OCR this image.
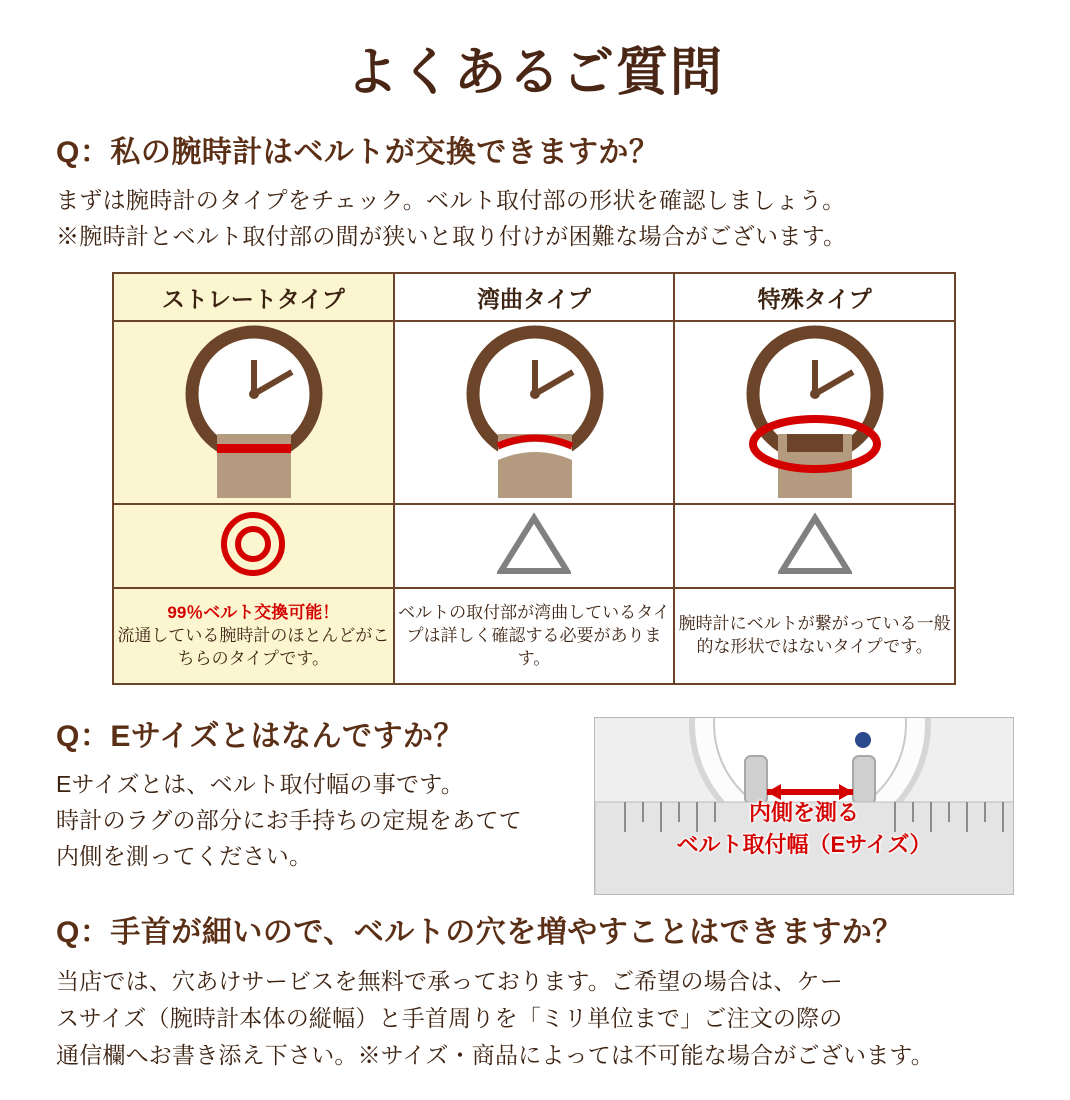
よくあるご質問
Q：私の腕時計はベルトが交換できますか？
まずは腕時計のタイプをチェック。ベルト取付部の形状を確認しましょう。
※腕時計とベルト取付部の間が狭いと取り付けが困難な場合がございます。
ストレートタイプ	湾曲タイプ	特殊タイプ

99％ベルト交換可能！
流通している腕時計のほとんどがこちらのタイプです。	ベルトの取付部が湾曲しているタイプは詳しく確認する必要があります。	腕時計にベルトが繋がっている一般的な形状ではないタイプです。
Q：Eサイズとはなんですか？
Eサイズとは、ベルト取付幅の事です。
時計のラグの部分にお手持ちの定規をあてて
内側を測ってください。
内側を測る
ベルト取付幅（Eサイズ）
Q：手首が細いので、ベルトの穴を増やすことはできますか？
当店では、穴あけサービスを無料で承っております。ご希望の場合は、ケー
スサイズ（腕時計本体の縦幅）と手首周りを「ミリ単位まで」ご注文の際の
通信欄へお書き添え下さい。※サイズ・商品によっては不可能な場合がございます。
